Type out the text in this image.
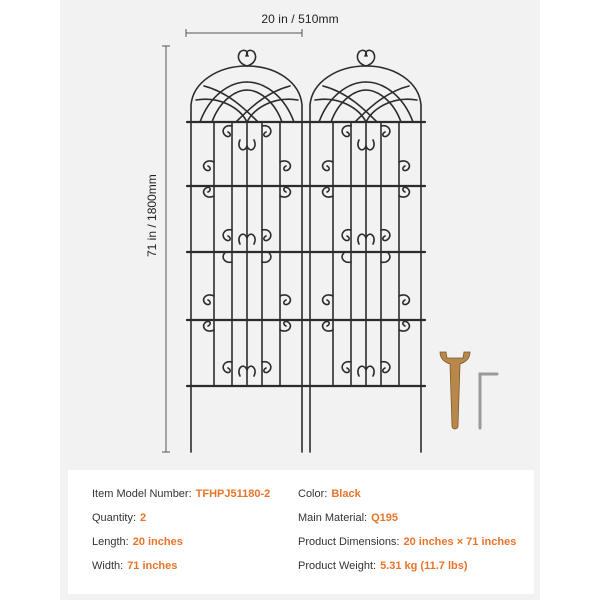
20 in / 510mm
Item Model Number: TFHPJ51180-2
Quantity: 2
Length: 20 inches
Width: 71 inches
Color: Black
Main Material: Q195
Product Dimensions: 20 inches × 71 inches
Product Weight: 5.31 kg (11.7 lbs)
